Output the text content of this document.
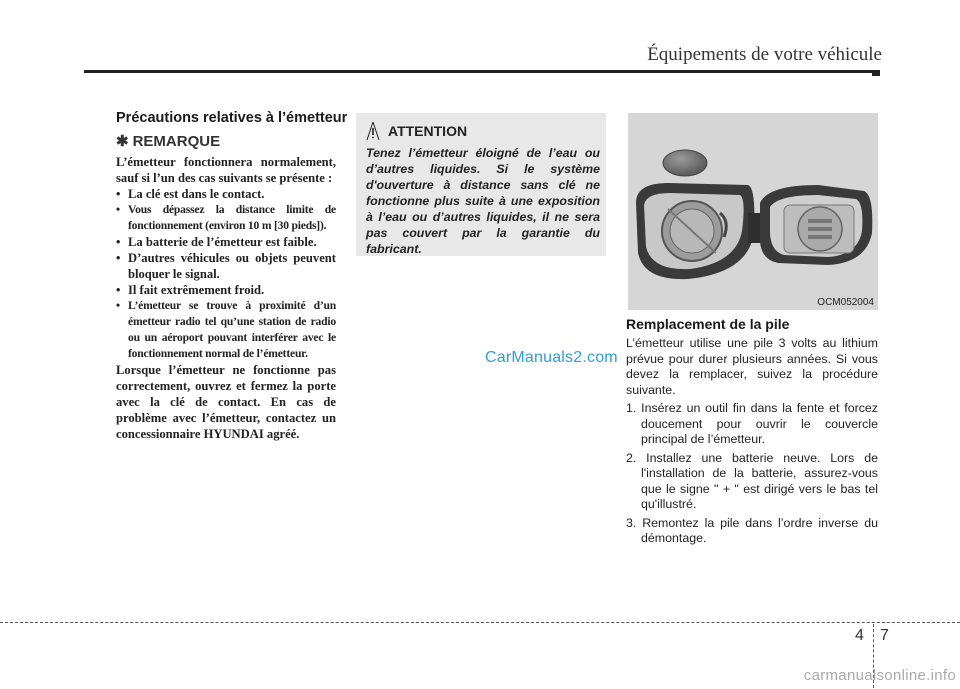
Équipements de votre véhicule
Précautions relatives à l’émetteur
✱ REMARQUE

L’émetteur fonctionnera normalement, sauf si l’un des cas suivants se présente :

• La clé est dans le contact.
• Vous dépassez la distance limite de fonctionnement (environ 10 m [30 pieds]).
• La batterie de l’émetteur est faible.
• D’autres véhicules ou objets peuvent bloquer le signal.
• Il fait extrêmement froid.
• L’émetteur se trouve à proximité d’un émetteur radio tel qu’une station de radio ou un aéroport pouvant interférer avec le fonctionnement normal de l’émetteur.

Lorsque l’émetteur ne fonctionne pas correctement, ouvrez et fermez la porte avec la clé de contact. En cas de problème avec l’émetteur, contactez un concessionnaire HYUNDAI agréé.

ATTENTION
Tenez l’émetteur éloigné de l’eau ou d’autres liquides. Si le système d'ouverture à distance sans clé ne fonctionne plus suite à une exposition à l’eau ou d’autres liquides, il ne sera pas couvert par la garantie du fabricant.
OCM052004
Remplacement de la pile

L’émetteur utilise une pile 3 volts au lithium prévue pour durer plusieurs années. Si vous devez la remplacer, suivez la procédure suivante.

1. Insérez un outil fin dans la fente et forcez doucement pour ouvrir le couvercle principal de l’émetteur.
2. Installez une batterie neuve. Lors de l'installation de la batterie, assurez-vous que le signe " + " est dirigé vers le bas tel qu'illustré.
3. Remontez la pile dans l’ordre inverse du démontage.
CarManuals2.com
4 7
carmanualsonline.info
